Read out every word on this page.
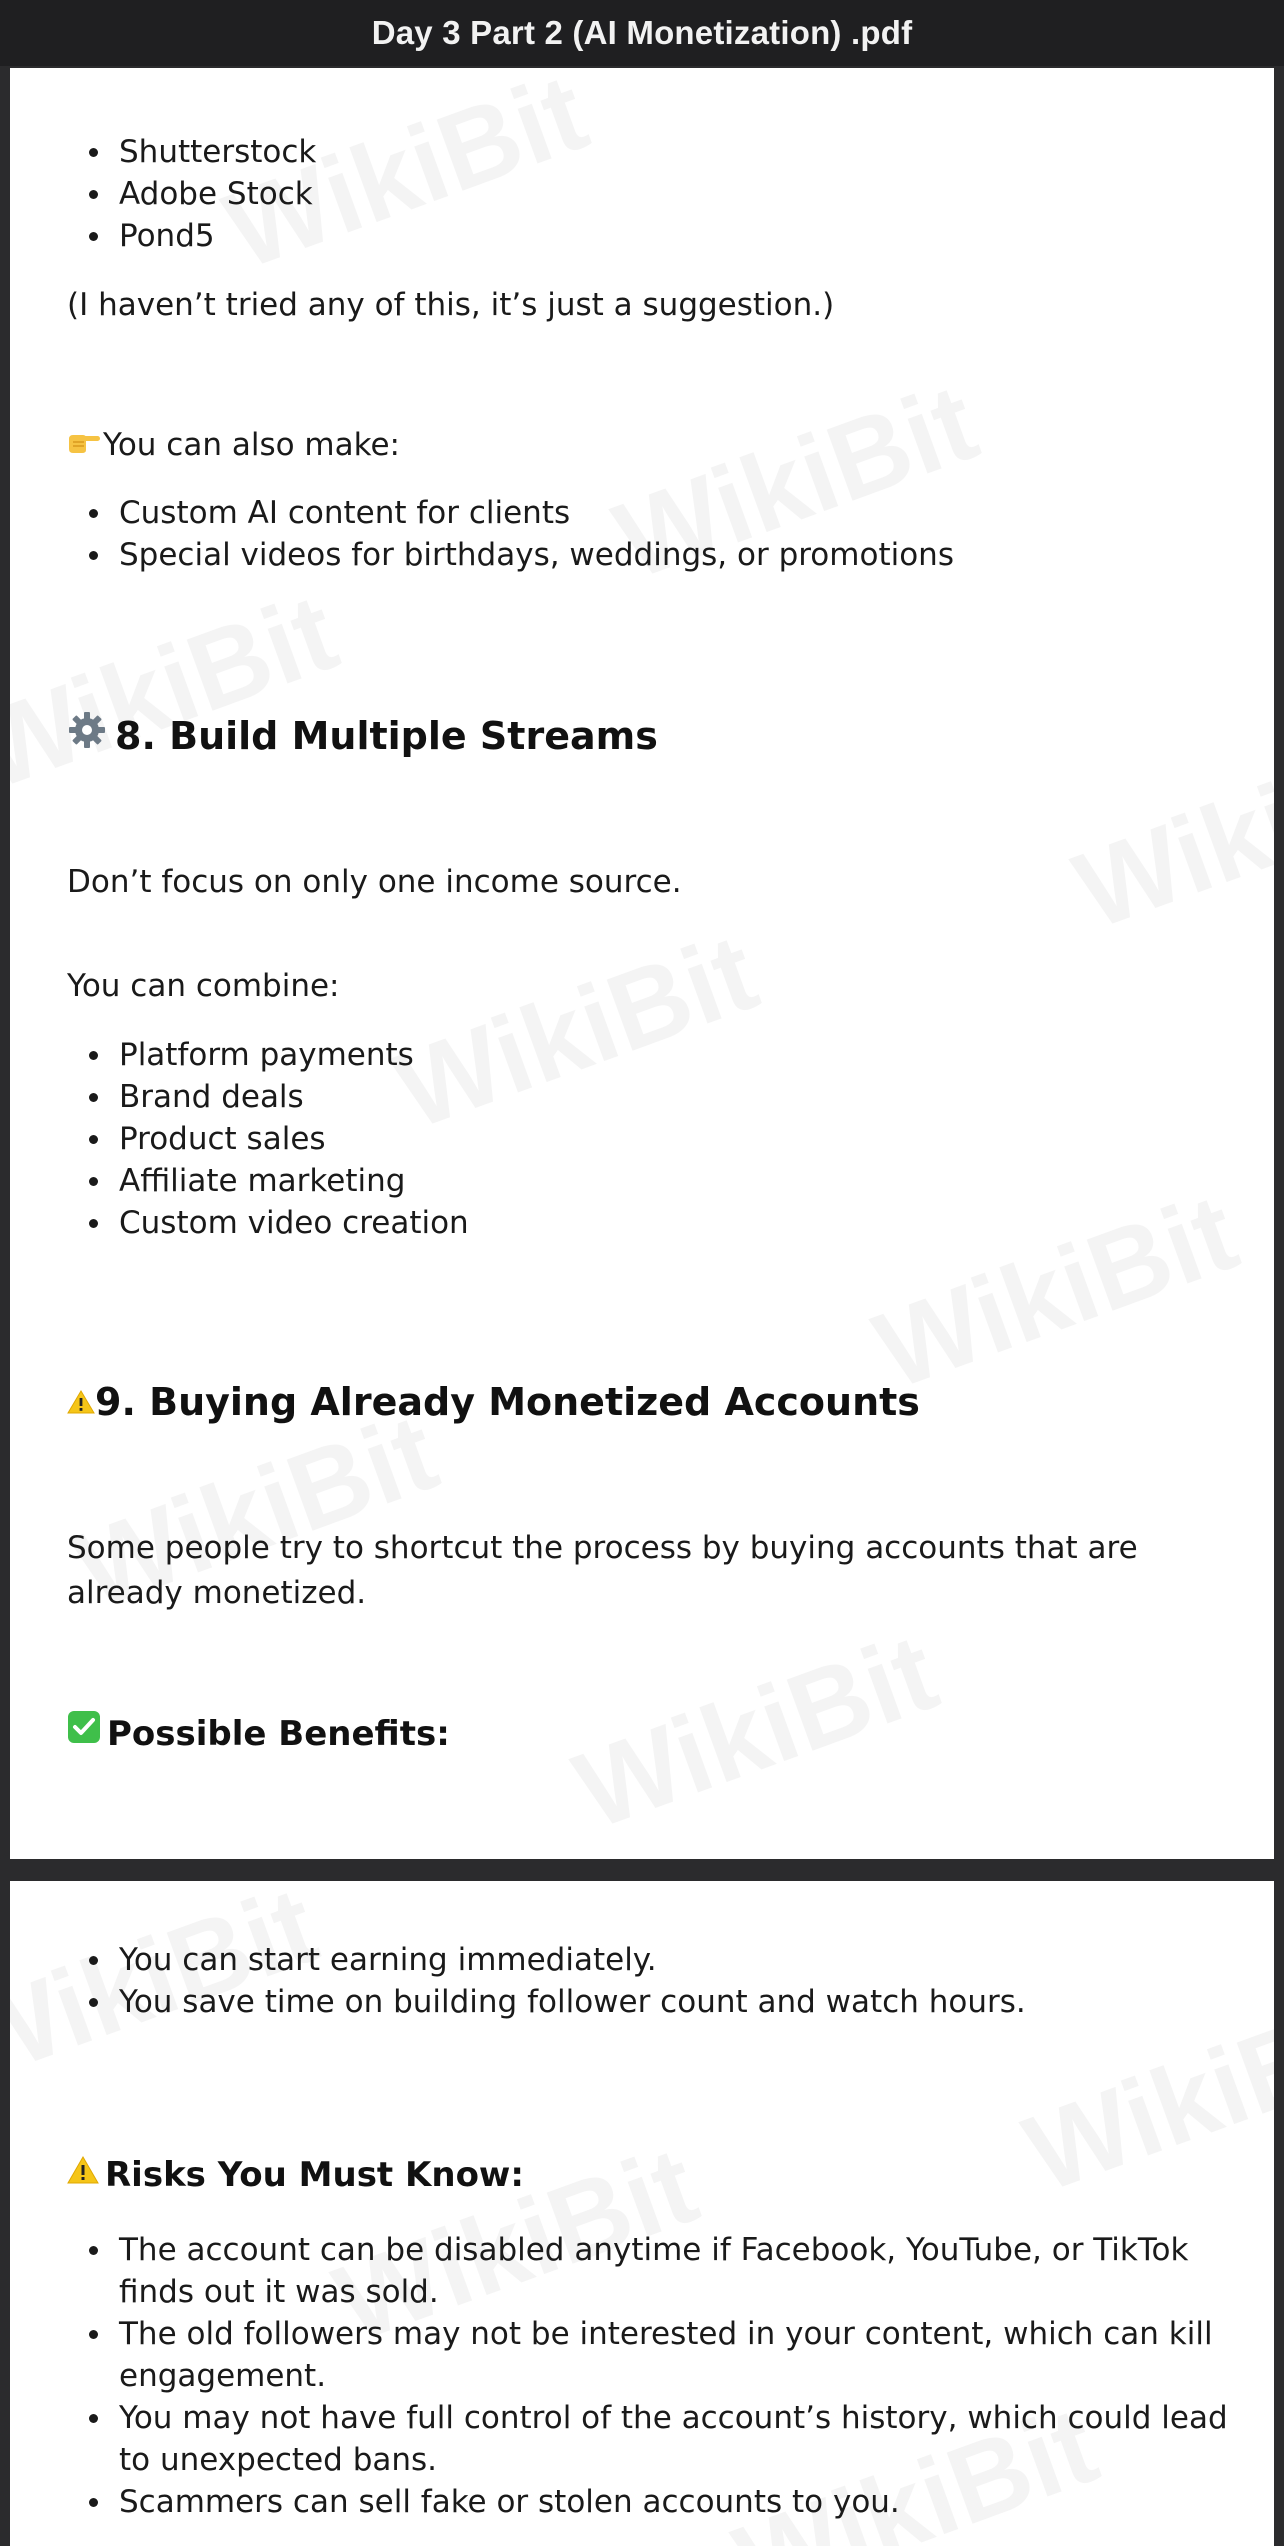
Day 3 Part 2 (AI Monetization) .pdf
Shutterstock
Adobe Stock
Pond5
(I haven’t tried any of this, it’s just a suggestion.)
You can also make:
Custom AI content for clients
Special videos for birthdays, weddings, or promotions
8. Build Multiple Streams
Don’t focus on only one income source.
You can combine:
Platform payments
Brand deals
Product sales
Affiliate marketing
Custom video creation
9. Buying Already Monetized Accounts
Some people try to shortcut the process by buying accounts that are already monetized.
Possible Benefits:
You can start earning immediately.
You save time on building follower count and watch hours.
Risks You Must Know:
The account can be disabled anytime if Facebook, YouTube, or TikTok finds out it was sold.
The old followers may not be interested in your content, which can kill engagement.
You may not have full control of the account’s history, which could lead to unexpected bans.
Scammers can sell fake or stolen accounts to you.
